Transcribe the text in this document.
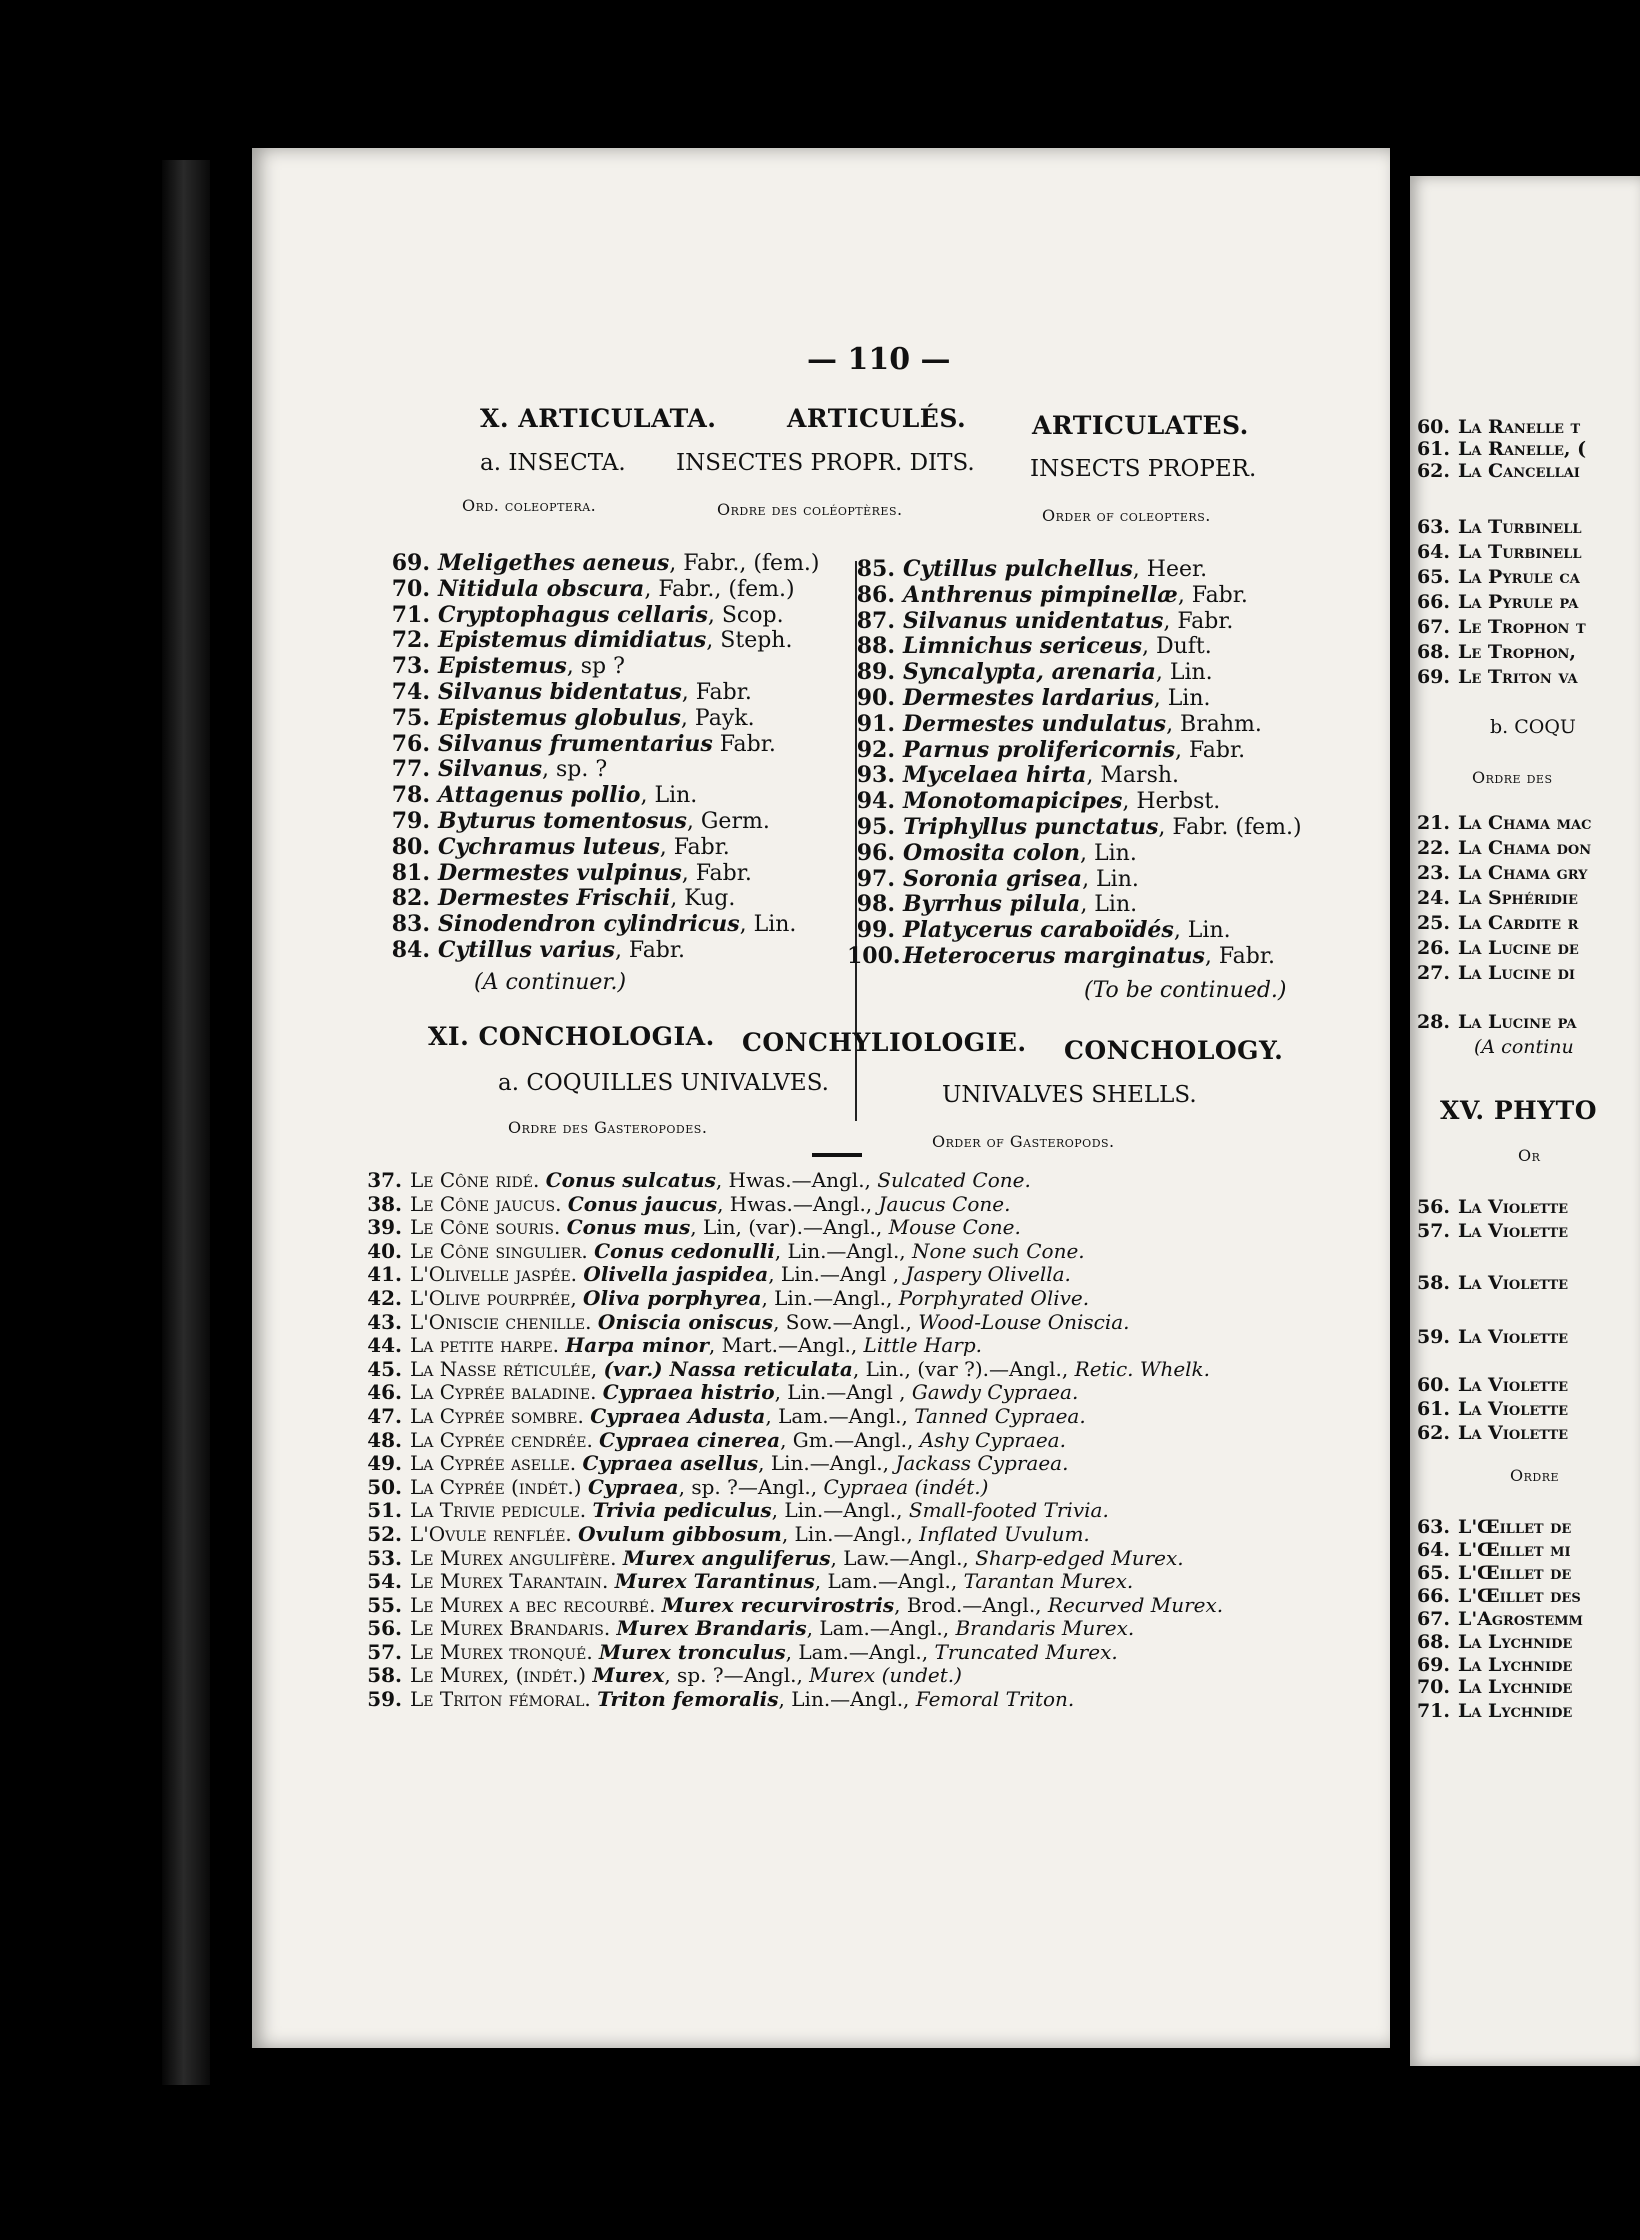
— 110 —
X. ARTICULATA.	ARTICULÉS.	ARTICULATES.
a. INSECTA. INSECTES PROPR. DITS. INSECTS PROPER.
Ord. coleoptera.	Ordre des coléoptères.	Order of coleopters.
69. Meligethes aeneus, Fabr., (fem.)
70. Nitidula obscura, Fabr., (fem.)
71. Cryptophagus cellaris, Scop.
72. Epistemus dimidiatus, Steph.
73. Epistemus, sp ?
74. Silvanus bidentatus, Fabr.
75. Epistemus globulus, Payk.
76. Silvanus frumentarius Fabr.
77. Silvanus, sp. ?
78. Attagenus pollio, Lin.
79. Byturus tomentosus, Germ.
80. Cychramus luteus, Fabr.
81. Dermestes vulpinus, Fabr.
82. Dermestes Frischii, Kug.
83. Sinodendron cylindricus, Lin.
84. Cytillus varius, Fabr.
(A continuer.)
85. Cytillus pulchellus, Heer.
86. Anthrenus pimpinellæ, Fabr.
87. Silvanus unidentatus, Fabr.
88. Limnichus sericeus, Duft.
89. Syncalypta, arenaria, Lin.
90. Dermestes lardarius, Lin.
91. Dermestes undulatus, Brahm.
92. Parnus prolifericornis, Fabr.
93. Mycelaea hirta, Marsh.
94. Monotomapicipes, Herbst.
95. Triphyllus punctatus, Fabr. (fem.)
96. Omosita colon, Lin.
97. Soronia grisea, Lin.
98. Byrrhus pilula, Lin.
99. Platycerus caraboïdés, Lin.
100. Heterocerus marginatus, Fabr.
(To be continued.)
XI. CONCHOLOGIA. CONCHYLIOLOGIE. CONCHOLOGY.
a. COQUILLES UNIVALVES.	UNIVALVES SHELLS.
Ordre des Gasteropodes.
Order of Gasteropods.
37. Le Cône ridé. Conus sulcatus, Hwas.—Angl., Sulcated Cone.
38. Le Cône jaucus. Conus jaucus, Hwas.—Angl., Jaucus Cone.
39. Le Cône souris. Conus mus, Lin, (var).—Angl., Mouse Cone.
40. Le Cône singulier. Conus cedonulli, Lin.—Angl., None such Cone.
41. L'Olivelle jaspée. Olivella jaspidea, Lin.—Angl , Jaspery Olivella.
42. L'Olive pourprée, Oliva porphyrea, Lin.—Angl., Porphyrated Olive.
43. L'Oniscie chenille. Oniscia oniscus, Sow.—Angl., Wood-Louse Oniscia.
44. La petite harpe. Harpa minor, Mart.—Angl., Little Harp.
45. La Nasse réticulée, (var.) Nassa reticulata, Lin., (var ?).—Angl., Retic. Whelk.
46. La Cyprée baladine. Cypraea histrio, Lin.—Angl , Gawdy Cypraea.
47. La Cyprée sombre. Cypraea Adusta, Lam.—Angl., Tanned Cypraea.
48. La Cyprée cendrée. Cypraea cinerea, Gm.—Angl., Ashy Cypraea.
49. La Cyprée aselle. Cypraea asellus, Lin.—Angl., Jackass Cypraea.
50. La Cyprée (indét.) Cypraea, sp. ?—Angl., Cypraea (indét.)
51. La Trivie pedicule. Trivia pediculus, Lin.—Angl., Small-footed Trivia.
52. L'Ovule renflée. Ovulum gibbosum, Lin.—Angl., Inflated Uvulum.
53. Le Murex angulifère. Murex anguliferus, Law.—Angl., Sharp-edged Murex.
54. Le Murex Tarantain. Murex Tarantinus, Lam.—Angl., Tarantan Murex.
55. Le Murex a bec recourbé. Murex recurvirostris, Brod.—Angl., Recurved Murex.
56. Le Murex Brandaris. Murex Brandaris, Lam.—Angl., Brandaris Murex.
57. Le Murex tronqué. Murex tronculus, Lam.—Angl., Truncated Murex.
58. Le Murex, (indét.) Murex, sp. ?—Angl., Murex (undet.)
59. Le Triton fémoral. Triton femoralis, Lin.—Angl., Femoral Triton.
60. La Ranelle t
61. La Ranelle, (
62. La Cancellai
63. La Turbinell
64. La Turbinell
65. La Pyrule ca
66. La Pyrule pa
67. Le Trophon t
68. Le Trophon,
69. Le Triton va
b. COQU
Ordre des
21. La Chama mac
22. La Chama don
23. La Chama gry
24. La Sphéridie
25. La Cardite r
26. La Lucine de
27. La Lucine di
28. La Lucine pa
(A continu
XV. PHYTO
Or
56. La Violette
57. La Violette
58. La Violette
59. La Violette
60. La Violette
61. La Violette
62. La Violette
Ordre
63. L'Œillet de
64. L'Œillet mi
65. L'Œillet de
66. L'Œillet des
67. L'Agrostemm
68. La Lychnide
69. La Lychnide
70. La Lychnide
71. La Lychnide
